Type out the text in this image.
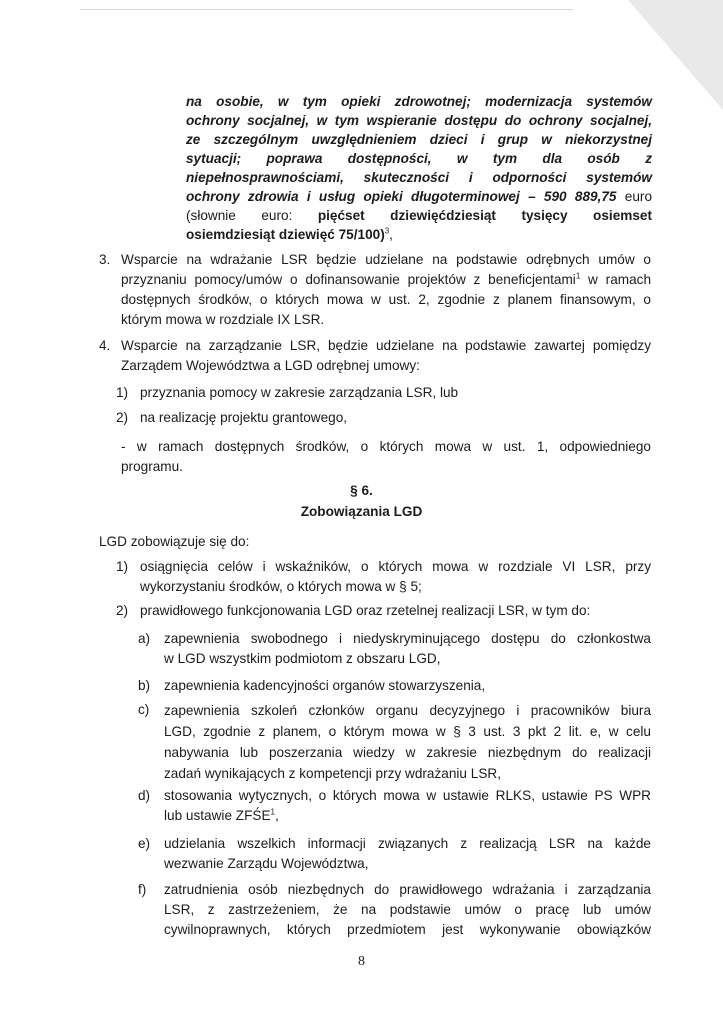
na osobie, w tym opieki zdrowotnej; modernizacja systemów
ochrony socjalnej, w tym wspieranie dostępu do ochrony socjalnej,
ze szczególnym uwzględnieniem dzieci i grup w niekorzystnej
sytuacji; poprawa dostępności, w tym dla osób z
niepełnosprawnościami, skuteczności i odporności systemów
ochrony zdrowia i usług opieki długoterminowej – 590 889,75 euro
(słownie euro: pięćset dziewięćdziesiąt tysięcy osiemset
osiemdziesiąt dziewięć 75/100)$^3$,
3. Wsparcie na wdrażanie LSR będzie udzielane na podstawie odrębnych umów o
przyznaniu pomocy/umów o dofinansowanie projektów z beneficjentami$^1$ w ramach
dostępnych środków, o których mowa w ust. 2, zgodnie z planem finansowym, o
którym mowa w rozdziale IX LSR.
4. Wsparcie na zarządzanie LSR, będzie udzielane na podstawie zawartej pomiędzy
Zarządem Województwa a LGD odrębnej umowy:
1) przyznania pomocy w zakresie zarządzania LSR, lub
2) na realizację projektu grantowego,
- w ramach dostępnych środków, o których mowa w ust. 1, odpowiedniego
programu.
§ 6.
Zobowiązania LGD
LGD zobowiązuje się do:
1) osiągnięcia celów i wskaźników, o których mowa w rozdziale VI LSR, przy
wykorzystaniu środków, o których mowa w § 5;
2) prawidłowego funkcjonowania LGD oraz rzetelnej realizacji LSR, w tym do:
a) zapewnienia swobodnego i niedyskryminującego dostępu do członkostwa
w LGD wszystkim podmiotom z obszaru LGD,
b) zapewnienia kadencyjności organów stowarzyszenia,
c) zapewnienia szkoleń członków organu decyzyjnego i pracowników biura
LGD, zgodnie z planem, o którym mowa w § 3 ust. 3 pkt 2 lit. e, w celu
nabywania lub poszerzania wiedzy w zakresie niezbędnym do realizacji
zadań wynikających z kompetencji przy wdrażaniu LSR,
d) stosowania wytycznych, o których mowa w ustawie RLKS, ustawie PS WPR
lub ustawie ZFŚE$^1$,
e) udzielania wszelkich informacji związanych z realizacją LSR na każde
wezwanie Zarządu Województwa,
f) zatrudnienia osób niezbędnych do prawidłowego wdrażania i zarządzania
LSR, z zastrzeżeniem, że na podstawie umów o pracę lub umów
cywilnoprawnych, których przedmiotem jest wykonywanie obowiązków
8
